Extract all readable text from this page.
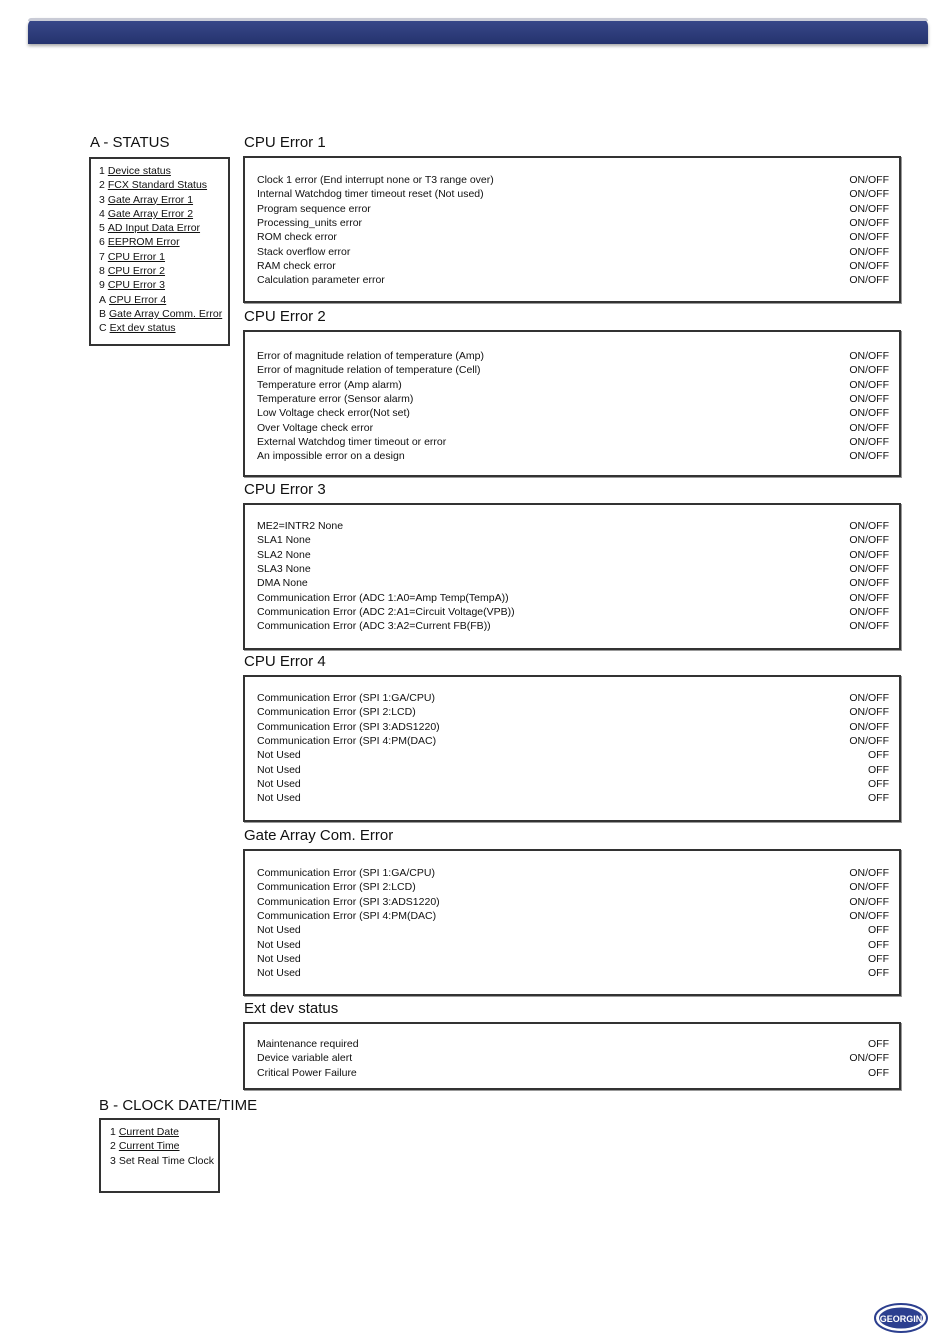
A - STATUS
1 Device status
2 FCX Standard Status
3 Gate Array Error 1
4 Gate Array Error 2
5 AD Input Data Error
6 EEPROM Error
7 CPU Error 1
8 CPU Error 2
9 CPU Error 3
A CPU Error 4
B Gate Array Comm. Error
C Ext dev status
B - CLOCK DATE/TIME
1 Current Date
2 Current Time
3 Set Real Time Clock
CPU Error 1
Clock 1 error (End interrupt none or T3 range over)	ON/OFF
Internal Watchdog timer timeout reset (Not used)	ON/OFF
Program sequence error	ON/OFF
Processing_units error	ON/OFF
ROM check error	ON/OFF
Stack overflow error	ON/OFF
RAM check error	ON/OFF
Calculation parameter error	ON/OFF
CPU Error 2
Error of magnitude relation of temperature (Amp)	ON/OFF
Error of magnitude relation of temperature (Cell)	ON/OFF
Temperature error (Amp alarm)	ON/OFF
Temperature error (Sensor alarm)	ON/OFF
Low Voltage check error(Not set)	ON/OFF
Over Voltage check error	ON/OFF
External Watchdog timer timeout or error	ON/OFF
An impossible error on a design	ON/OFF
CPU Error 3
ME2=INTR2 None	ON/OFF
SLA1 None	ON/OFF
SLA2 None	ON/OFF
SLA3 None	ON/OFF
DMA None	ON/OFF
Communication Error (ADC 1:A0=Amp Temp(TempA))	ON/OFF
Communication Error (ADC 2:A1=Circuit Voltage(VPB))	ON/OFF
Communication Error (ADC 3:A2=Current FB(FB))	ON/OFF
CPU Error 4
Communication Error (SPI 1:GA/CPU)	ON/OFF
Communication Error (SPI 2:LCD)	ON/OFF
Communication Error (SPI 3:ADS1220)	ON/OFF
Communication Error (SPI 4:PM(DAC)	ON/OFF
Not Used	OFF
Not Used	OFF
Not Used	OFF
Not Used	OFF
Gate Array Com. Error
Communication Error (SPI 1:GA/CPU)	ON/OFF
Communication Error (SPI 2:LCD)	ON/OFF
Communication Error (SPI 3:ADS1220)	ON/OFF
Communication Error (SPI 4:PM(DAC)	ON/OFF
Not Used	OFF
Not Used	OFF
Not Used	OFF
Not Used	OFF
Ext dev status
Maintenance required	OFF
Device variable alert	ON/OFF
Critical Power Failure	OFF
GEORGIN
